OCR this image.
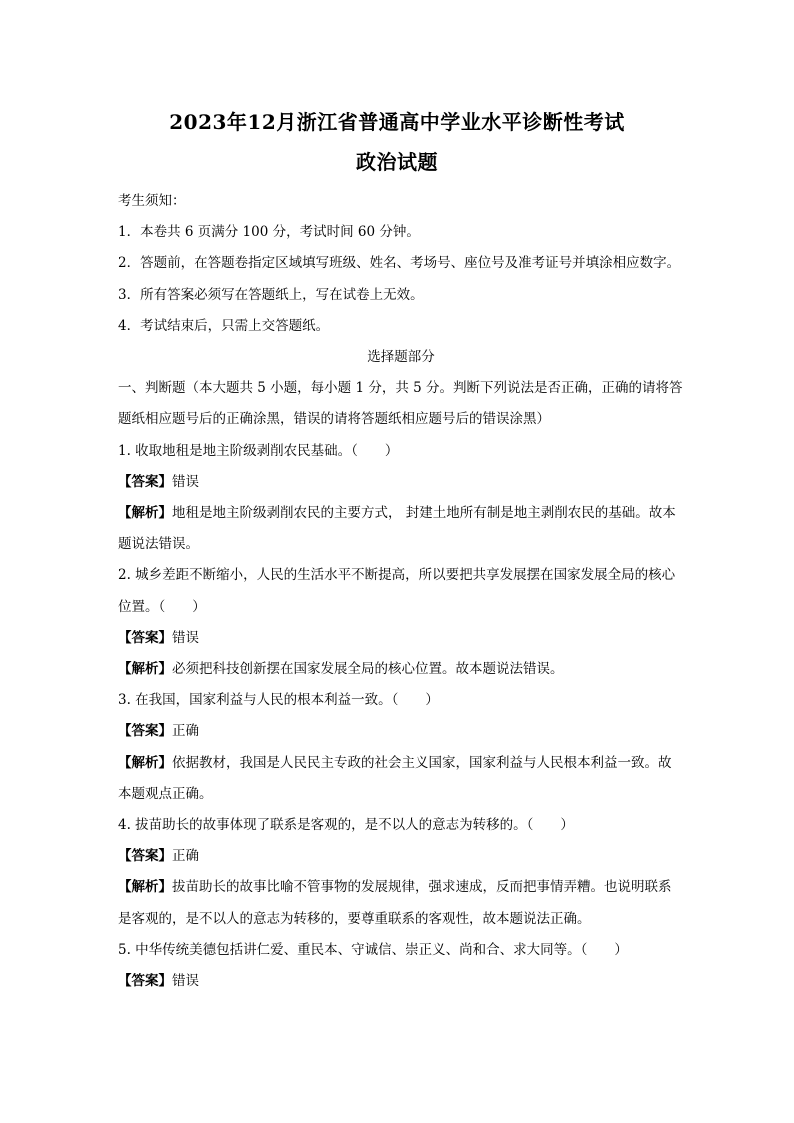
2023年12月浙江省普通高中学业水平诊断性考试
政治试题
考生须知：
1．本卷共 6 页满分 100 分，考试时间 60 分钟。
2．答题前，在答题卷指定区域填写班级、姓名、考场号、座位号及准考证号并填涂相应数字。
3．所有答案必须写在答题纸上，写在试卷上无效。
4．考试结束后，只需上交答题纸。
选择题部分
一、判断题（本大题共 5 小题，每小题 1 分，共 5 分。判断下列说法是否正确，正确的请将答题纸相应题号后的正确涂黑，错误的请将答题纸相应题号后的错误涂黑）
1. 收取地租是地主阶级剥削农民基础。（　　）
【答案】错误
【解析】地租是地主阶级剥削农民的主要方式， 封建土地所有制是地主剥削农民的基础。故本题说法错误。
2. 城乡差距不断缩小，人民的生活水平不断提高，所以要把共享发展摆在国家发展全局的核心位置。（　　）
【答案】错误
【解析】必须把科技创新摆在国家发展全局的核心位置。故本题说法错误。
3. 在我国，国家利益与人民的根本利益一致。（　　）
【答案】正确
【解析】依据教材，我国是人民民主专政的社会主义国家，国家利益与人民根本利益一致。故本题观点正确。
4. 拔苗助长的故事体现了联系是客观的，是不以人的意志为转移的。（　　）
【答案】正确
【解析】拔苗助长的故事比喻不管事物的发展规律，强求速成，反而把事情弄糟。也说明联系是客观的，是不以人的意志为转移的，要尊重联系的客观性，故本题说法正确。
5. 中华传统美德包括讲仁爱、重民本、守诚信、崇正义、尚和合、求大同等。（　　）
【答案】错误
